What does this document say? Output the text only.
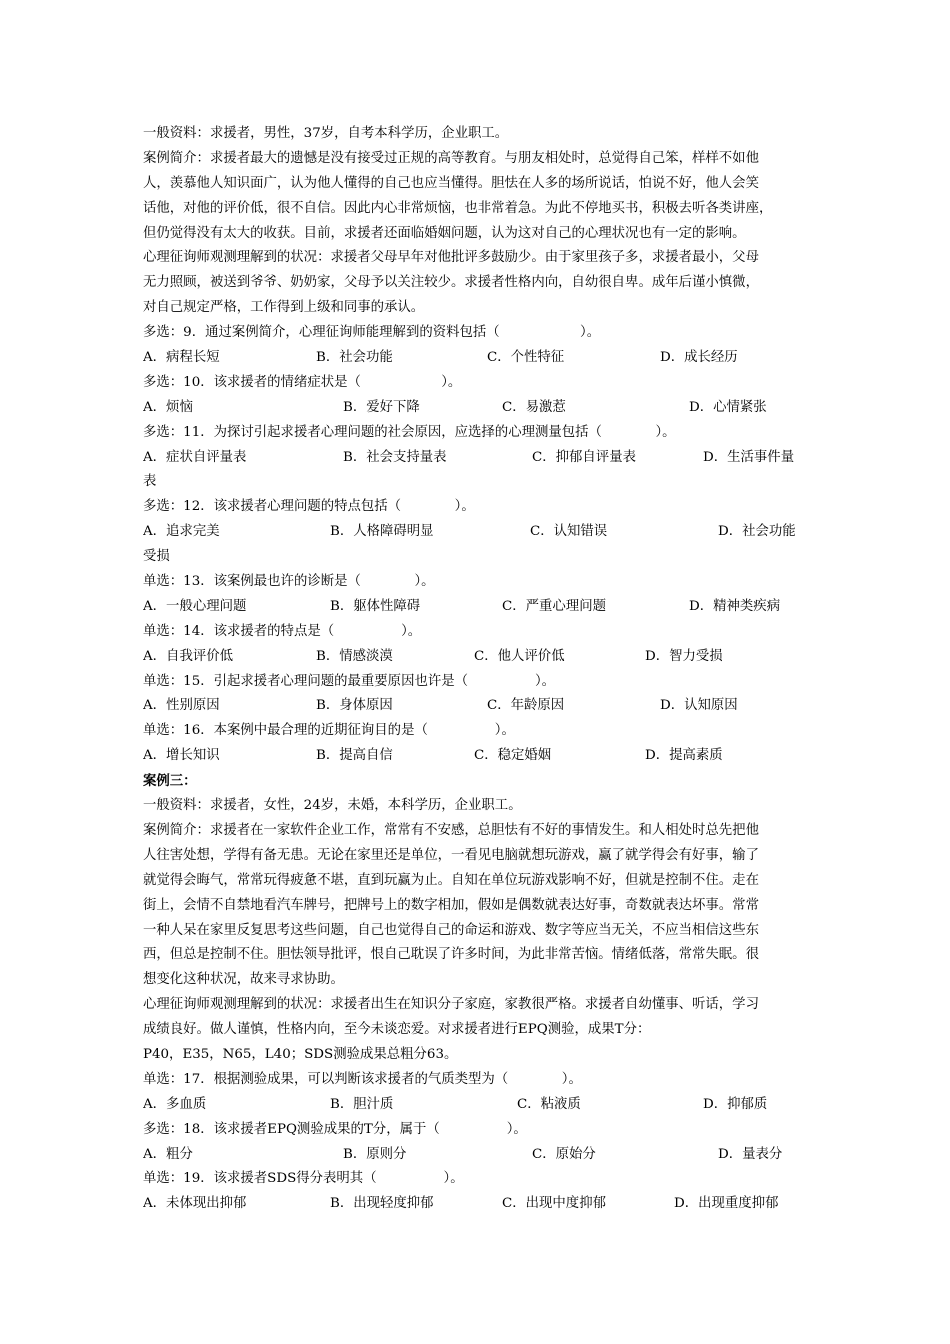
一般资料：求援者，男性，37岁，自考本科学历，企业职工。
案例简介：求援者最大的遗憾是没有接受过正规的高等教育。与朋友相处时，总觉得自己笨，样样不如他
人，羡慕他人知识面广，认为他人懂得的自己也应当懂得。胆怯在人多的场所说话，怕说不好，他人会笑
话他，对他的评价低，很不自信。因此内心非常烦恼，也非常着急。为此不停地买书，积极去听各类讲座，
但仍觉得没有太大的收获。目前，求援者还面临婚姻问题，认为这对自己的心理状况也有一定的影响。
心理征询师观测理解到的状况：求援者父母早年对他批评多鼓励少。由于家里孩子多，求援者最小，父母
无力照顾，被送到爷爷、奶奶家，父母予以关注较少。求援者性格内向，自幼很自卑。成年后谨小慎微，
对自己规定严格，工作得到上级和同事的承认。
多选：9．通过案例简介，心理征询师能理解到的资料包括（　　　　　　）。
A．病程长短	B．社会功能	C．个性特征	D．成长经历
多选：10．该求援者的情绪症状是（　　　　　　）。
A．烦恼	B．爱好下降	C．易激惹	D．心情紧张
多选：11．为探讨引起求援者心理问题的社会原因，应选择的心理测量包括（　　　　）。
A．症状自评量表	B．社会支持量表	C．抑郁自评量表	D．生活事件量
表
多选：12．该求援者心理问题的特点包括（　　　　）。
A．追求完美	B．人格障碍明显	C．认知错误	D．社会功能
受损
单选：13．该案例最也许的诊断是（　　　　）。
A．一般心理问题	B．躯体性障碍	C．严重心理问题	D．精神类疾病
单选：14．该求援者的特点是（　　　　　）。
A．自我评价低	B．情感淡漠	C．他人评价低	D．智力受损
单选：15．引起求援者心理问题的最重要原因也许是（　　　　　）。
A．性别原因	B．身体原因	C．年龄原因	D．认知原因
单选：16．本案例中最合理的近期征询目的是（　　　　　）。
A．增长知识	B．提高自信	C．稳定婚姻	D．提高素质
案例三：
一般资料：求援者，女性，24岁，未婚，本科学历，企业职工。
案例简介：求援者在一家软件企业工作，常常有不安感，总胆怯有不好的事情发生。和人相处时总先把他
人往害处想，学得有备无患。无论在家里还是单位，一看见电脑就想玩游戏，赢了就学得会有好事，输了
就觉得会晦气，常常玩得疲惫不堪，直到玩赢为止。自知在单位玩游戏影响不好，但就是控制不住。走在
街上，会情不自禁地看汽车牌号，把牌号上的数字相加，假如是偶数就表达好事，奇数就表达坏事。常常
一种人呆在家里反复思考这些问题，自己也觉得自己的命运和游戏、数字等应当无关，不应当相信这些东
西，但总是控制不住。胆怯领导批评，恨自己耽误了许多时间，为此非常苦恼。情绪低落，常常失眠。很
想变化这种状况，故来寻求协助。
心理征询师观测理解到的状况：求援者出生在知识分子家庭，家教很严格。求援者自幼懂事、听话，学习
成绩良好。做人谨慎，性格内向，至今未谈恋爱。对求援者进行EPQ测验，成果T分：
P40，E35，N65，L40；SDS测验成果总粗分63。
单选：17．根据测验成果，可以判断该求援者的气质类型为（　　　　）。
A．多血质	B．胆汁质	C．粘液质	D．抑郁质
多选：18．该求援者EPQ测验成果的T分，属于（　　　　　）。
A．粗分	B．原则分	C．原始分	D．量表分
单选：19．该求援者SDS得分表明其（　　　　　）。
A．未体现出抑郁	B．出现轻度抑郁	C．出现中度抑郁	D．出现重度抑郁
